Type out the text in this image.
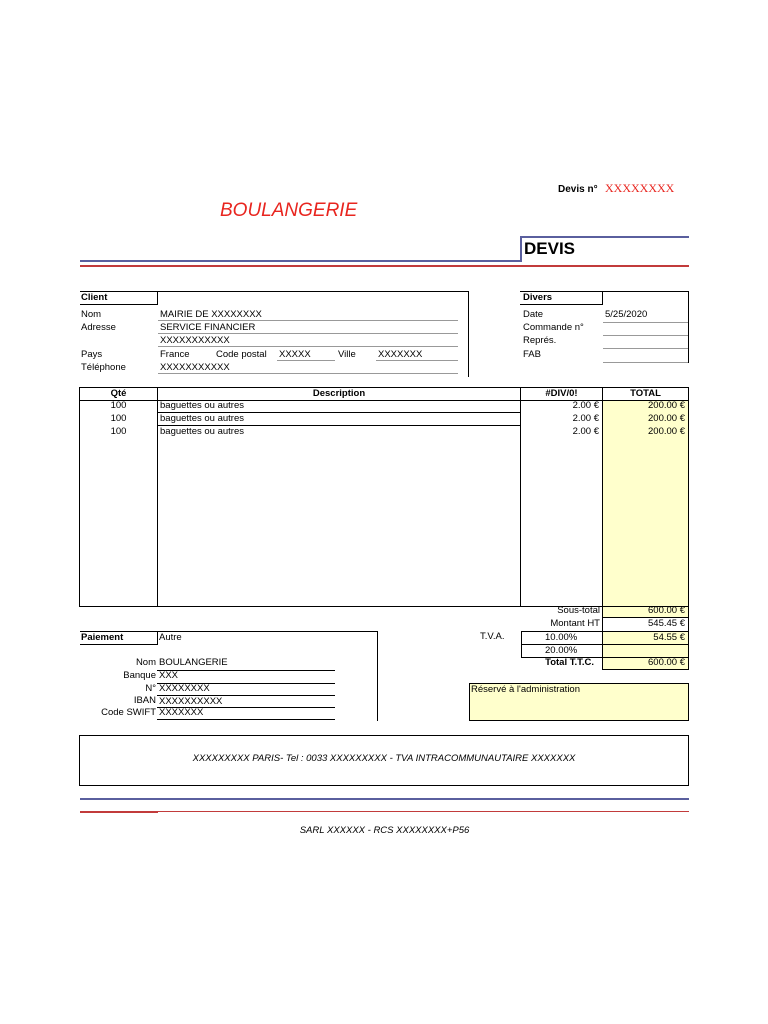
Devis n° XXXXXXXX
BOULANGERIE
DEVIS
Client
Nom	MAIRIE DE XXXXXXXX
Adresse	SERVICE FINANCIER
XXXXXXXXXXX
Pays	France	Code postal XXXXX	Ville XXXXXXX
Téléphone	XXXXXXXXXXX
Divers
Date	5/25/2020
Commande n°
Représ.
FAB
Qté	Description	#DIV/0!	TOTAL
100	baguettes ou autres	2.00 €	200.00 €
100	baguettes ou autres	2.00 €	200.00 €
100	baguettes ou autres	2.00 €	200.00 €
Sous-total	600.00 €
Montant HT	545.45 €
T.V.A.	10.00%	54.55 €
20.00%
Total T.T.C.	600.00 €
Paiement	Autre
Nom BOULANGERIE
Banque XXX
N° XXXXXXXX
IBAN XXXXXXXXXX
Code SWIFT XXXXXXX
Réservé à l'administration
XXXXXXXXX PARIS- Tel : 0033 XXXXXXXXX - TVA INTRACOMMUNAUTAIRE XXXXXXX
SARL XXXXXX - RCS XXXXXXXX+P56
